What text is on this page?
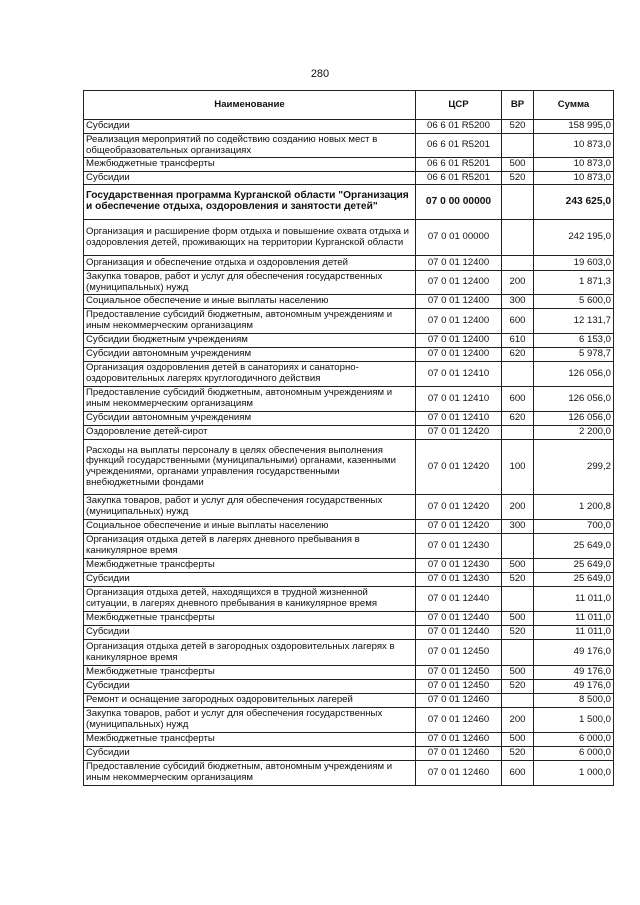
280
Наименование	ЦСР	ВР	Сумма
Субсидии	06 6 01 R5200	520	158 995,0
Реализация мероприятий по содействию созданию новых мест в общеобразовательных организациях	06 6 01 R5201		10 873,0
Межбюджетные трансферты	06 6 01 R5201	500	10 873,0
Субсидии	06 6 01 R5201	520	10 873,0
Государственная программа Курганской области "Организация и обеспечение отдыха, оздоровления и занятости детей"	07 0 00 00000		243 625,0
Организация и расширение форм отдыха и повышение охвата отдыха и оздоровления детей, проживающих на территории Курганской области	07 0 01 00000		242 195,0
Организация и обеспечение отдыха и оздоровления детей	07 0 01 12400		19 603,0
Закупка товаров, работ и услуг для обеспечения государственных (муниципальных) нужд	07 0 01 12400	200	1 871,3
Социальное обеспечение и иные выплаты населению	07 0 01 12400	300	5 600,0
Предоставление субсидий бюджетным, автономным учреждениям и иным некоммерческим организациям	07 0 01 12400	600	12 131,7
Субсидии бюджетным учреждениям	07 0 01 12400	610	6 153,0
Субсидии автономным учреждениям	07 0 01 12400	620	5 978,7
Организация оздоровления детей в санаториях и санаторно-оздоровительных лагерях круглогодичного действия	07 0 01 12410		126 056,0
Предоставление субсидий бюджетным, автономным учреждениям и иным некоммерческим организациям	07 0 01 12410	600	126 056,0
Субсидии автономным учреждениям	07 0 01 12410	620	126 056,0
Оздоровление детей-сирот	07 0 01 12420		2 200,0
Расходы на выплаты персоналу в целях обеспечения выполнения функций государственными (муниципальными) органами, казенными учреждениями, органами управления государственными внебюджетными фондами	07 0 01 12420	100	299,2
Закупка товаров, работ и услуг для обеспечения государственных (муниципальных) нужд	07 0 01 12420	200	1 200,8
Социальное обеспечение и иные выплаты населению	07 0 01 12420	300	700,0
Организация отдыха детей в лагерях дневного пребывания в каникулярное время	07 0 01 12430		25 649,0
Межбюджетные трансферты	07 0 01 12430	500	25 649,0
Субсидии	07 0 01 12430	520	25 649,0
Организация отдыха детей, находящихся в трудной жизненной ситуации, в лагерях дневного пребывания в каникулярное время	07 0 01 12440		11 011,0
Межбюджетные трансферты	07 0 01 12440	500	11 011,0
Субсидии	07 0 01 12440	520	11 011,0
Организация отдыха детей в загородных оздоровительных лагерях в каникулярное время	07 0 01 12450		49 176,0
Межбюджетные трансферты	07 0 01 12450	500	49 176,0
Субсидии	07 0 01 12450	520	49 176,0
Ремонт и оснащение загородных оздоровительных лагерей	07 0 01 12460		8 500,0
Закупка товаров, работ и услуг для обеспечения государственных (муниципальных) нужд	07 0 01 12460	200	1 500,0
Межбюджетные трансферты	07 0 01 12460	500	6 000,0
Субсидии	07 0 01 12460	520	6 000,0
Предоставление субсидий бюджетным, автономным учреждениям и иным некоммерческим организациям	07 0 01 12460	600	1 000,0
